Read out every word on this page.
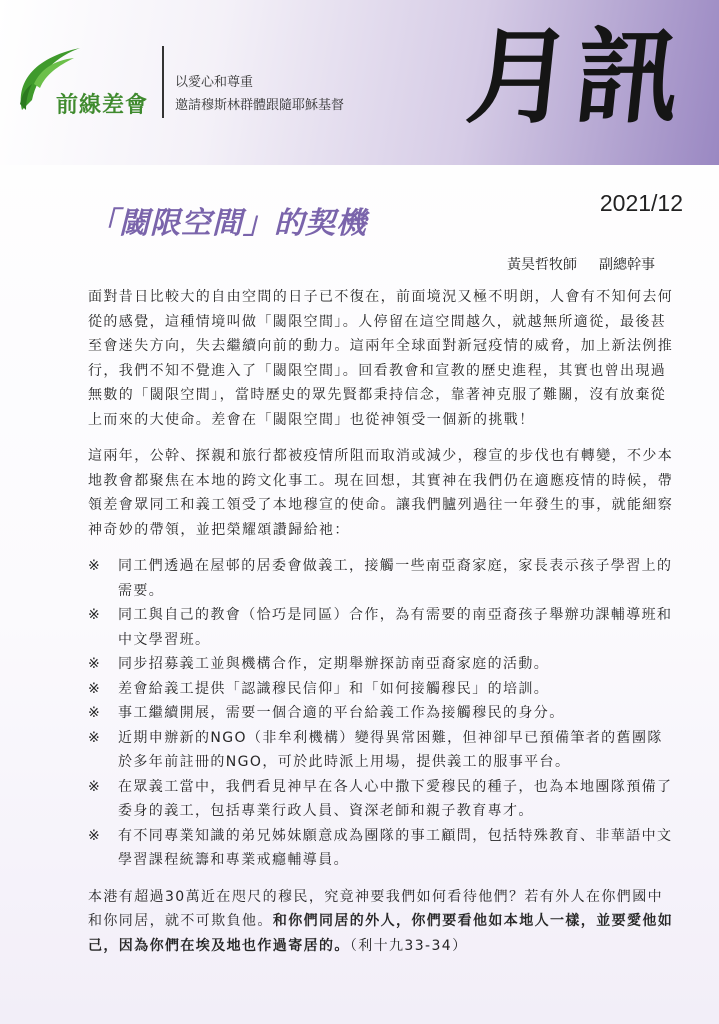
前線差會
以愛心和尊重
邀請穆斯林群體跟隨耶穌基督 月訊
2021/12
「閾限空間」的契機
黃昊哲牧師 副總幹事

面對昔日比較大的自由空間的日子已不復在，前面境況又極不明朗，人會有不知何去何從的感覺，這種情境叫做「閾限空間」。人停留在這空間越久，就越無所適從，最後甚至會迷失方向，失去繼續向前的動力。這兩年全球面對新冠疫情的威脅，加上新法例推行，我們不知不覺進入了「閾限空間」。回看教會和宣教的歷史進程，其實也曾出現過無數的「閾限空間」，當時歷史的眾先賢都秉持信念，靠著神克服了難關，沒有放棄從上而來的大使命。差會在「閾限空間」也從神領受一個新的挑戰！

這兩年，公幹、探親和旅行都被疫情所阻而取消或減少，穆宣的步伐也有轉變，不少本地教會都聚焦在本地的跨文化事工。現在回想，其實神在我們仍在適應疫情的時候，帶領差會眾同工和義工領受了本地穆宣的使命。讓我們臚列過往一年發生的事，就能細察神奇妙的帶領，並把榮耀頌讚歸給祂：

※ 同工們透過在屋邨的居委會做義工，接觸一些南亞裔家庭，家長表示孩子學習上的需要。
※ 同工與自己的教會（恰巧是同區）合作，為有需要的南亞裔孩子舉辦功課輔導班和中文學習班。
※ 同步招募義工並與機構合作，定期舉辦探訪南亞裔家庭的活動。
※ 差會給義工提供「認識穆民信仰」和「如何接觸穆民」的培訓。
※ 事工繼續開展，需要一個合適的平台給義工作為接觸穆民的身分。
※ 近期申辦新的NGO（非牟利機構）變得異常困難，但神卻早已預備筆者的舊團隊於多年前註冊的NGO，可於此時派上用場，提供義工的服事平台。
※ 在眾義工當中，我們看見神早在各人心中撒下愛穆民的種子，也為本地團隊預備了委身的義工，包括專業行政人員、資深老師和親子教育專才。
※ 有不同專業知識的弟兄姊妹願意成為團隊的事工顧問，包括特殊教育、非華語中文學習課程統籌和專業戒癮輔導員。

本港有超過30萬近在咫尺的穆民，究竟神要我們如何看待他們？若有外人在你們國中和你同居，就不可欺負他。和你們同居的外人，你們要看他如本地人一樣，並要愛他如己，因為你們在埃及地也作過寄居的。（利十九33-34）
